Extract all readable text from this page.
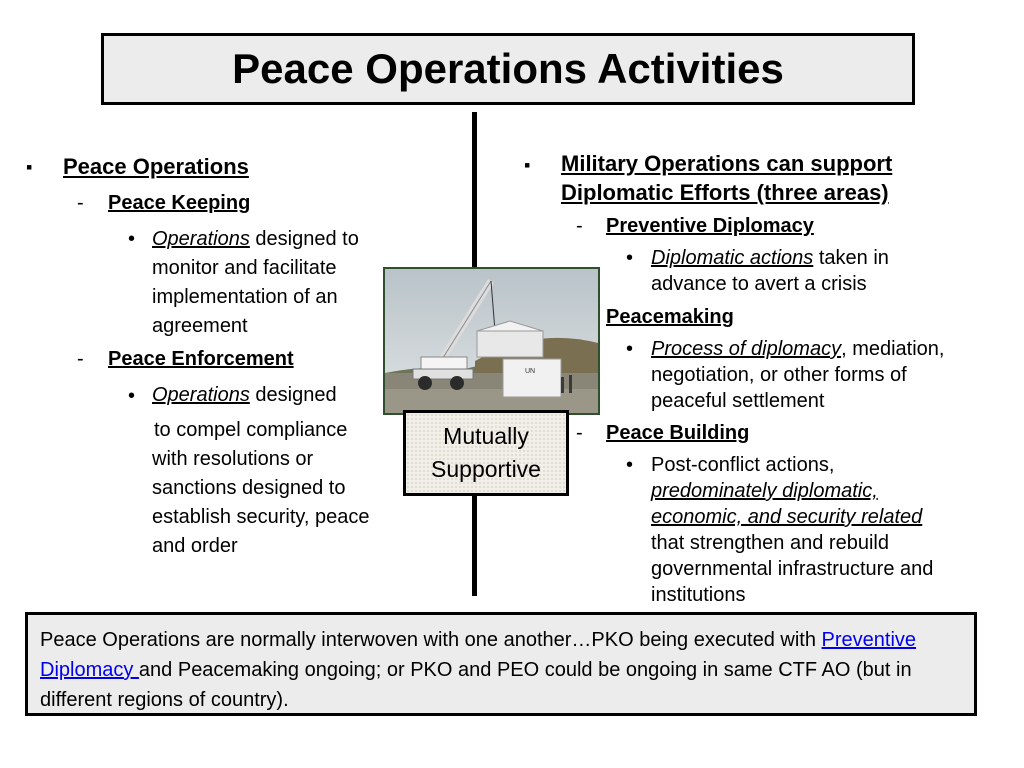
Peace Operations Activities
▪ Peace Operations
- Peace Keeping
• Operations designed to
monitor and facilitate
implementation of an
agreement
- Peace Enforcement
• Operations designed
to compel compliance
with resolutions or
sanctions designed to
establish security, peace
and order
UN
Mutually
Supportive
▪ Military Operations can support
Diplomatic Efforts (three areas)
- Preventive Diplomacy
• Diplomatic actions taken in
advance to avert a crisis
Peacemaking
• Process of diplomacy, mediation,
negotiation, or other forms of
peaceful settlement
- Peace Building
• Post-conflict actions,
predominately diplomatic,
economic, and security related
that strengthen and rebuild
governmental infrastructure and
institutions
Peace Operations are normally interwoven with one another…PKO being executed with Preventive Diplomacy and Peacemaking ongoing; or PKO and PEO could be ongoing in same CTF AO (but in different regions of country).
